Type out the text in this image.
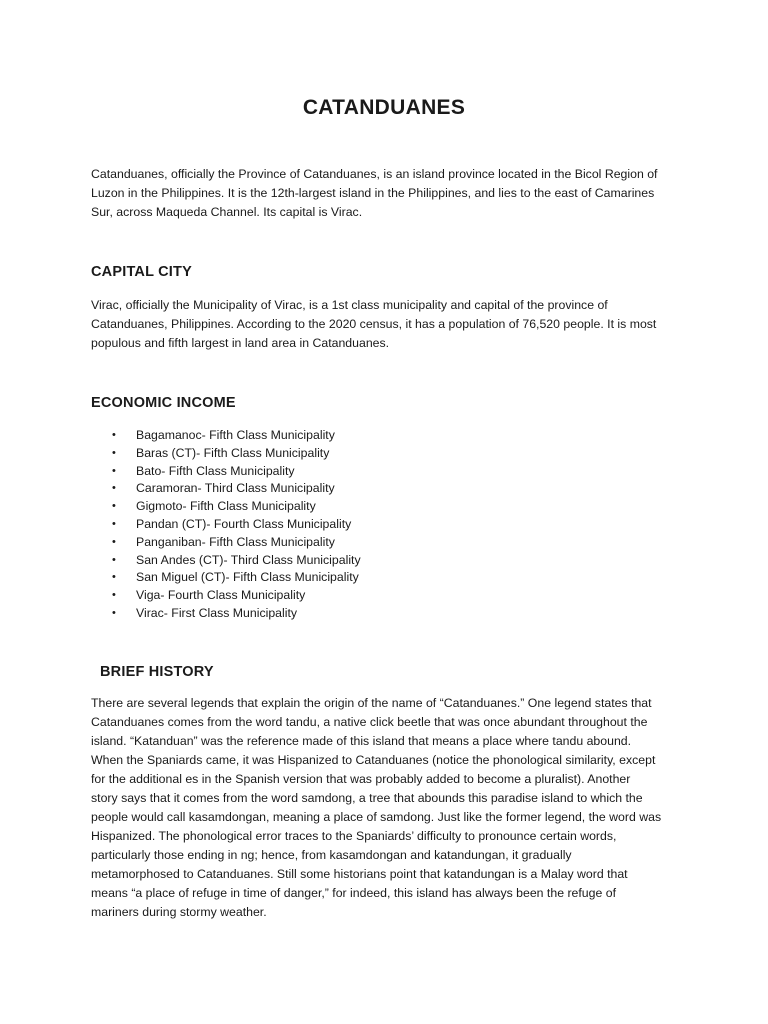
CATANDUANES

Catanduanes, officially the Province of Catanduanes, is an island province located in the Bicol Region of
Luzon in the Philippines. It is the 12th-largest island in the Philippines, and lies to the east of Camarines
Sur, across Maqueda Channel. Its capital is Virac.

CAPITAL CITY

Virac, officially the Municipality of Virac, is a 1st class municipality and capital of the province of
Catanduanes, Philippines. According to the 2020 census, it has a population of 76,520 people. It is most
populous and fifth largest in land area in Catanduanes.

ECONOMIC INCOME
• Bagamanoc- Fifth Class Municipality
• Baras (CT)- Fifth Class Municipality
• Bato- Fifth Class Municipality
• Caramoran- Third Class Municipality
• Gigmoto- Fifth Class Municipality
• Pandan (CT)- Fourth Class Municipality
• Panganiban- Fifth Class Municipality
• San Andes (CT)- Third Class Municipality
• San Miguel (CT)- Fifth Class Municipality
• Viga- Fourth Class Municipality
• Virac- First Class Municipality
BRIEF HISTORY

There are several legends that explain the origin of the name of “Catanduanes.” One legend states that
Catanduanes comes from the word tandu, a native click beetle that was once abundant throughout the
island. “Katanduan” was the reference made of this island that means a place where tandu abound.
When the Spaniards came, it was Hispanized to Catanduanes (notice the phonological similarity, except
for the additional es in the Spanish version that was probably added to become a pluralist). Another
story says that it comes from the word samdong, a tree that abounds this paradise island to which the
people would call kasamdongan, meaning a place of samdong. Just like the former legend, the word was
Hispanized. The phonological error traces to the Spaniards’ difficulty to pronounce certain words,
particularly those ending in ng; hence, from kasamdongan and katandungan, it gradually
metamorphosed to Catanduanes. Still some historians point that katandungan is a Malay word that
means “a place of refuge in time of danger,” for indeed, this island has always been the refuge of
mariners during stormy weather.
